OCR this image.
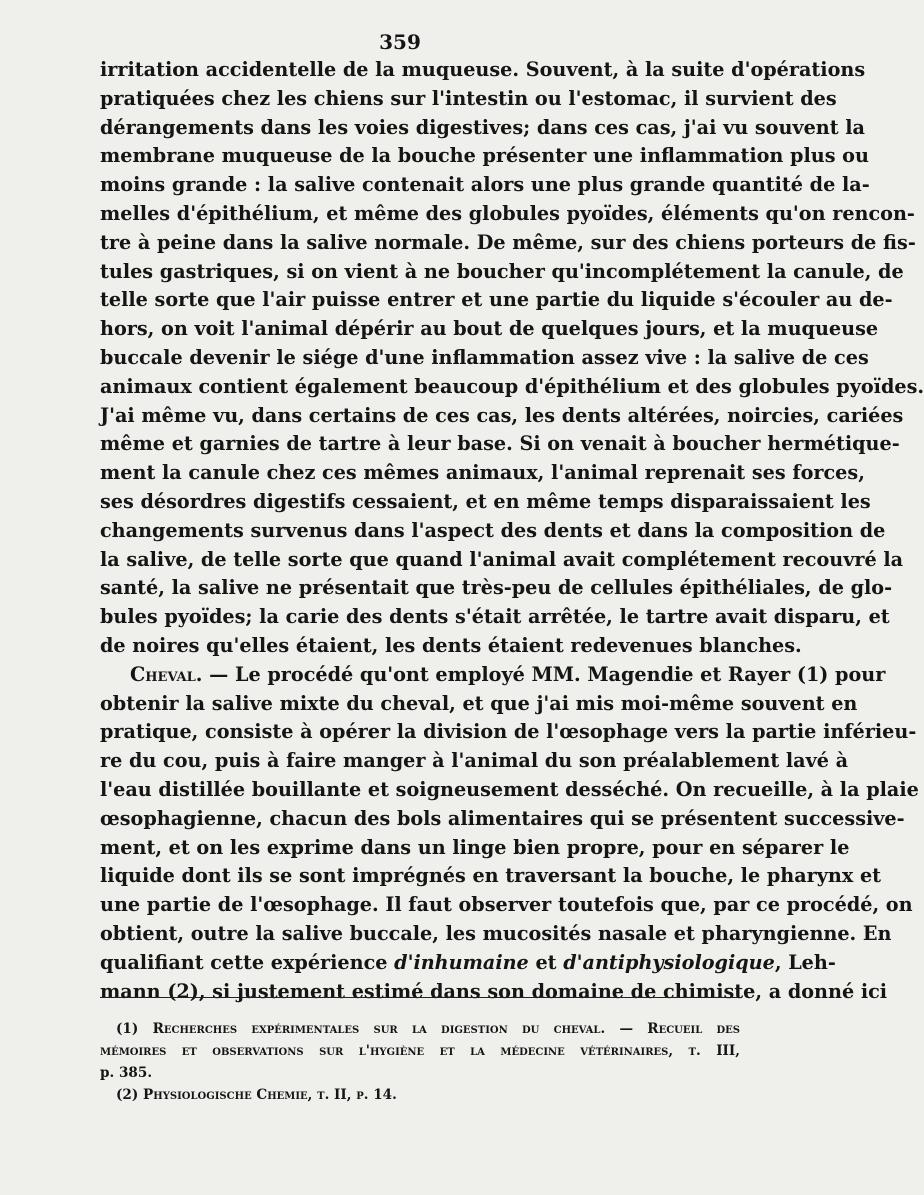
359
irritation accidentelle de la muqueuse. Souvent, à la suite d'opérations
pratiquées chez les chiens sur l'intestin ou l'estomac, il survient des
dérangements dans les voies digestives; dans ces cas, j'ai vu souvent la
membrane muqueuse de la bouche présenter une inflammation plus ou
moins grande : la salive contenait alors une plus grande quantité de la-
melles d'épithélium, et même des globules pyoïdes, éléments qu'on rencon-
tre à peine dans la salive normale. De même, sur des chiens porteurs de fis-
tules gastriques, si on vient à ne boucher qu'incomplétement la canule, de
telle sorte que l'air puisse entrer et une partie du liquide s'écouler au de-
hors, on voit l'animal dépérir au bout de quelques jours, et la muqueuse
buccale devenir le siége d'une inflammation assez vive : la salive de ces
animaux contient également beaucoup d'épithélium et des globules pyoïdes.
J'ai même vu, dans certains de ces cas, les dents altérées, noircies, cariées
même et garnies de tartre à leur base. Si on venait à boucher hermétique-
ment la canule chez ces mêmes animaux, l'animal reprenait ses forces,
ses désordres digestifs cessaient, et en même temps disparaissaient les
changements survenus dans l'aspect des dents et dans la composition de
la salive, de telle sorte que quand l'animal avait complétement recouvré la
santé, la salive ne présentait que très-peu de cellules épithéliales, de glo-
bules pyoïdes; la carie des dents s'était arrêtée, le tartre avait disparu, et
de noires qu'elles étaient, les dents étaient redevenues blanches.
Cheval. — Le procédé qu'ont employé MM. Magendie et Rayer (1) pour
obtenir la salive mixte du cheval, et que j'ai mis moi-même souvent en
pratique, consiste à opérer la division de l'œsophage vers la partie inférieu-
re du cou, puis à faire manger à l'animal du son préalablement lavé à
l'eau distillée bouillante et soigneusement desséché. On recueille, à la plaie
œsophagienne, chacun des bols alimentaires qui se présentent successive-
ment, et on les exprime dans un linge bien propre, pour en séparer le
liquide dont ils se sont imprégnés en traversant la bouche, le pharynx et
une partie de l'œsophage. Il faut observer toutefois que, par ce procédé, on
obtient, outre la salive buccale, les mucosités nasale et pharyngienne. En
qualifiant cette expérience d'inhumaine et d'antiphysiologique, Leh-
mann (2), si justement estimé dans son domaine de chimiste, a donné ici
(1) Recherches expérimentales sur la digestion du cheval. — Recueil des
mémoires et observations sur l'hygiène et la médecine vétérinaires, t. III,
p. 385.
(2) Physiologische Chemie, t. II, p. 14.
